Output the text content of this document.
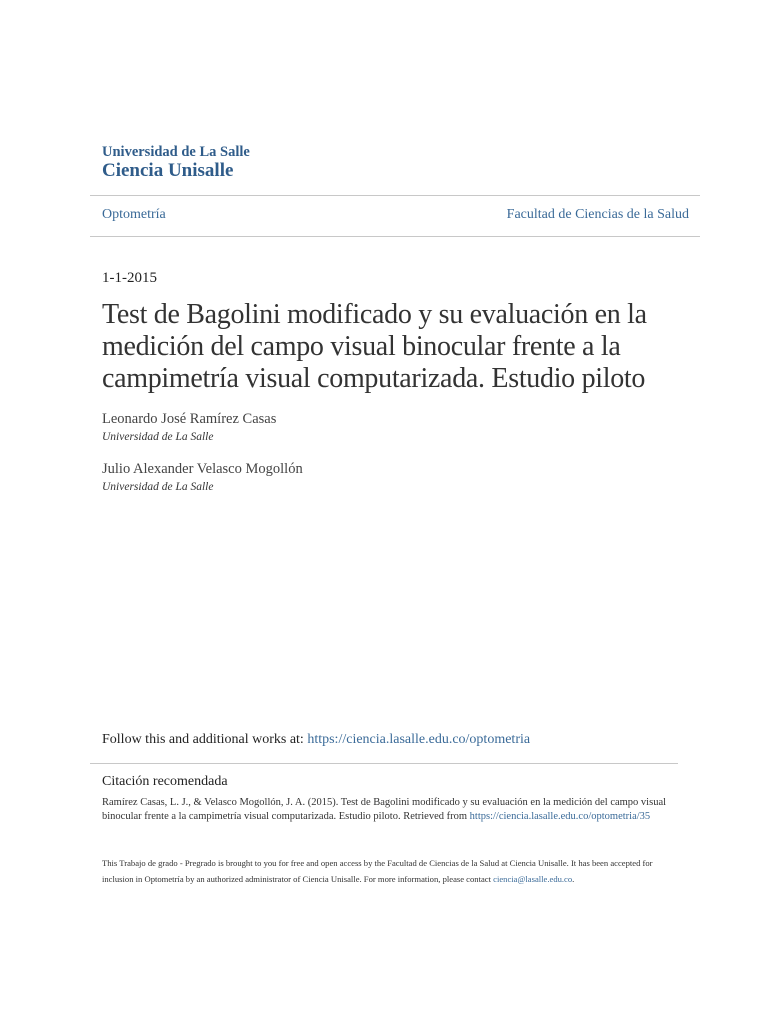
Universidad de La Salle
Ciencia Unisalle
Optometría	Facultad de Ciencias de la Salud
1-1-2015
Test de Bagolini modificado y su evaluación en la medición del campo visual binocular frente a la campimetría visual computarizada. Estudio piloto
Leonardo José Ramírez Casas
Universidad de La Salle
Julio Alexander Velasco Mogollón
Universidad de La Salle
Follow this and additional works at: https://ciencia.lasalle.edu.co/optometria
Citación recomendada
Ramírez Casas, L. J., & Velasco Mogollón, J. A. (2015). Test de Bagolini modificado y su evaluación en la medición del campo visual binocular frente a la campimetría visual computarizada. Estudio piloto. Retrieved from https://ciencia.lasalle.edu.co/optometria/35
This Trabajo de grado - Pregrado is brought to you for free and open access by the Facultad de Ciencias de la Salud at Ciencia Unisalle. It has been accepted for inclusion in Optometría by an authorized administrator of Ciencia Unisalle. For more information, please contact ciencia@lasalle.edu.co.
